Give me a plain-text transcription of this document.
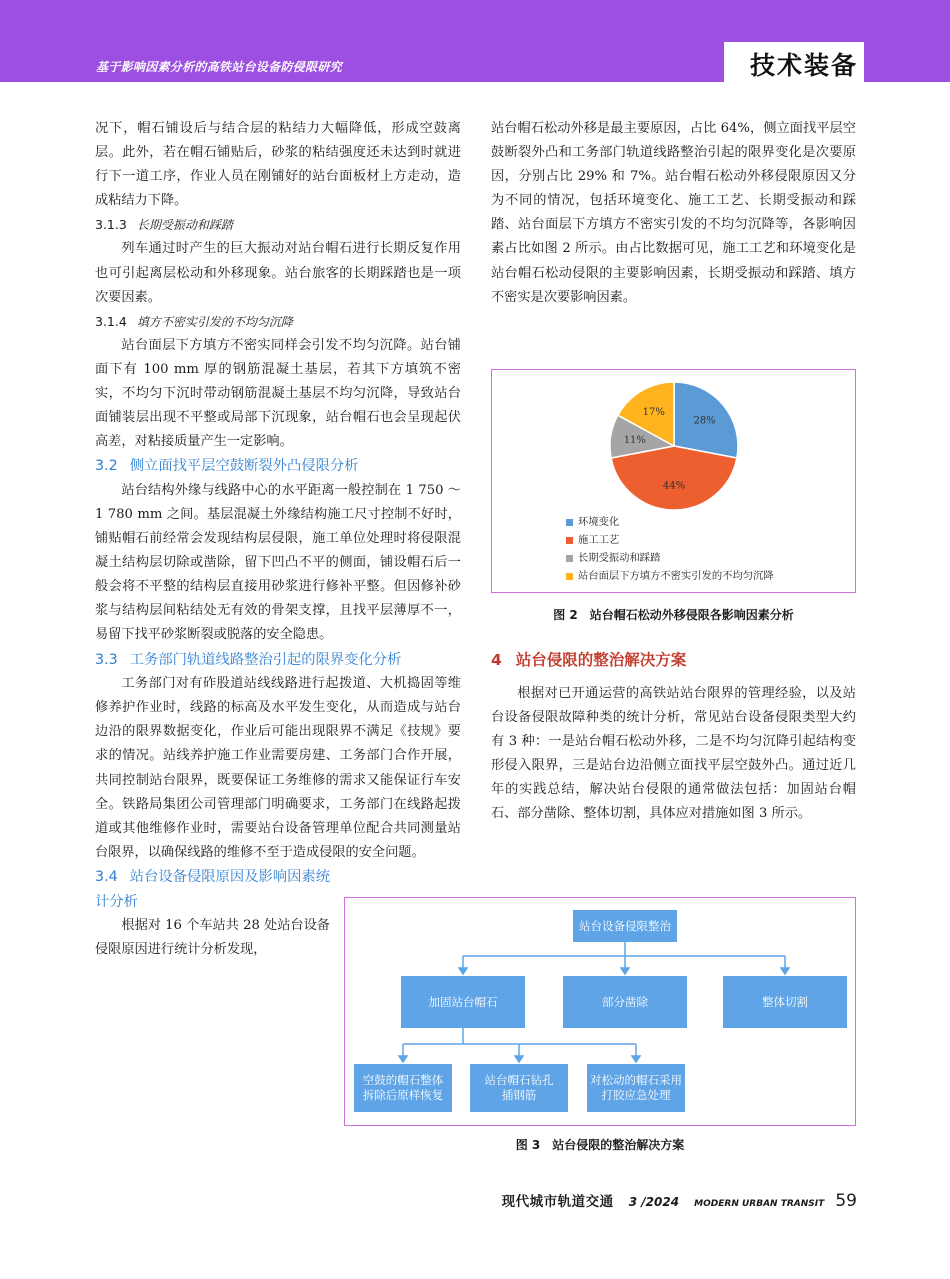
基于影响因素分析的高铁站台设备防侵限研究	技术装备

况下，帽石铺设后与结合层的粘结力大幅降低，形成空鼓离层。此外，若在帽石铺贴后，砂浆的粘结强度还未达到时就进行下一道工序，作业人员在刚铺好的站台面板材上方走动，造成粘结力下降。

3.1.3 长期受振动和踩踏

列车通过时产生的巨大振动对站台帽石进行长期反复作用也可引起离层松动和外移现象。站台旅客的长期踩踏也是一项次要因素。

3.1.4 填方不密实引发的不均匀沉降

站台面层下方填方不密实同样会引发不均匀沉降。站台铺面下有 100 mm 厚的钢筋混凝土基层，若其下方填筑不密实，不均匀下沉时带动钢筋混凝土基层不均匀沉降，导致站台面铺装层出现不平整或局部下沉现象，站台帽石也会呈现起伏高差，对粘接质量产生一定影响。

3.2 侧立面找平层空鼓断裂外凸侵限分析

站台结构外缘与线路中心的水平距离一般控制在 1 750 ～ 1 780 mm 之间。基层混凝土外缘结构施工尺寸控制不好时，铺贴帽石前经常会发现结构层侵限，施工单位处理时将侵限混凝土结构层切除或凿除，留下凹凸不平的侧面，铺设帽石后一般会将不平整的结构层直接用砂浆进行修补平整。但因修补砂浆与结构层间粘结处无有效的骨架支撑，且找平层薄厚不一，易留下找平砂浆断裂或脱落的安全隐患。

3.3 工务部门轨道线路整治引起的限界变化分析

工务部门对有砟股道站线线路进行起拨道、大机捣固等维修养护作业时，线路的标高及水平发生变化，从而造成与站台边沿的限界数据变化，作业后可能出现限界不满足《技规》要求的情况。站线养护施工作业需要房建、工务部门合作开展，共同控制站台限界，既要保证工务维修的需求又能保证行车安全。铁路局集团公司管理部门明确要求，工务部门在线路起拨道或其他维修作业时，需要站台设备管理单位配合共同测量站台限界，以确保线路的维修不至于造成侵限的安全问题。

3.4 站台设备侵限原因及影响因素统计分析

根据对 16 个车站共 28 处站台设备侵限原因进行统计分析发现，

站台帽石松动外移是最主要原因，占比 64%，侧立面找平层空鼓断裂外凸和工务部门轨道线路整治引起的限界变化是次要原因，分别占比 29% 和 7%。站台帽石松动外移侵限原因又分为不同的情况，包括环境变化、施工工艺、长期受振动和踩踏、站台面层下方填方不密实引发的不均匀沉降等，各影响因素占比如图 2 所示。由占比数据可见，施工工艺和环境变化是站台帽石松动侵限的主要影响因素，长期受振动和踩踏、填方不密实是次要影响因素。

28%
44%
11%
17%
环境变化
施工工艺
长期受振动和踩踏
站台面层下方填方不密实引发的不均匀沉降
图 2　站台帽石松动外移侵限各影响因素分析
4 站台侵限的整治解决方案

根据对已开通运营的高铁站站台限界的管理经验，以及站台设备侵限故障种类的统计分析，常见站台设备侵限类型大约有 3 种：一是站台帽石松动外移，二是不均匀沉降引起结构变形侵入限界，三是站台边沿侧立面找平层空鼓外凸。通过近几年的实践总结，解决站台侵限的通常做法包括：加固站台帽石、部分凿除、整体切割，具体应对措施如图 3 所示。

站台设备侵限整治
加固站台帽石	部分凿除	整体切割
空鼓的帽石整体
拆除后原样恢复
站台帽石钻孔
插钢筋
对松动的帽石采用
打胶应急处理
图 3　站台侵限的整治解决方案
现代城市轨道交通 3 /2024 MODERN URBAN TRANSIT 59
